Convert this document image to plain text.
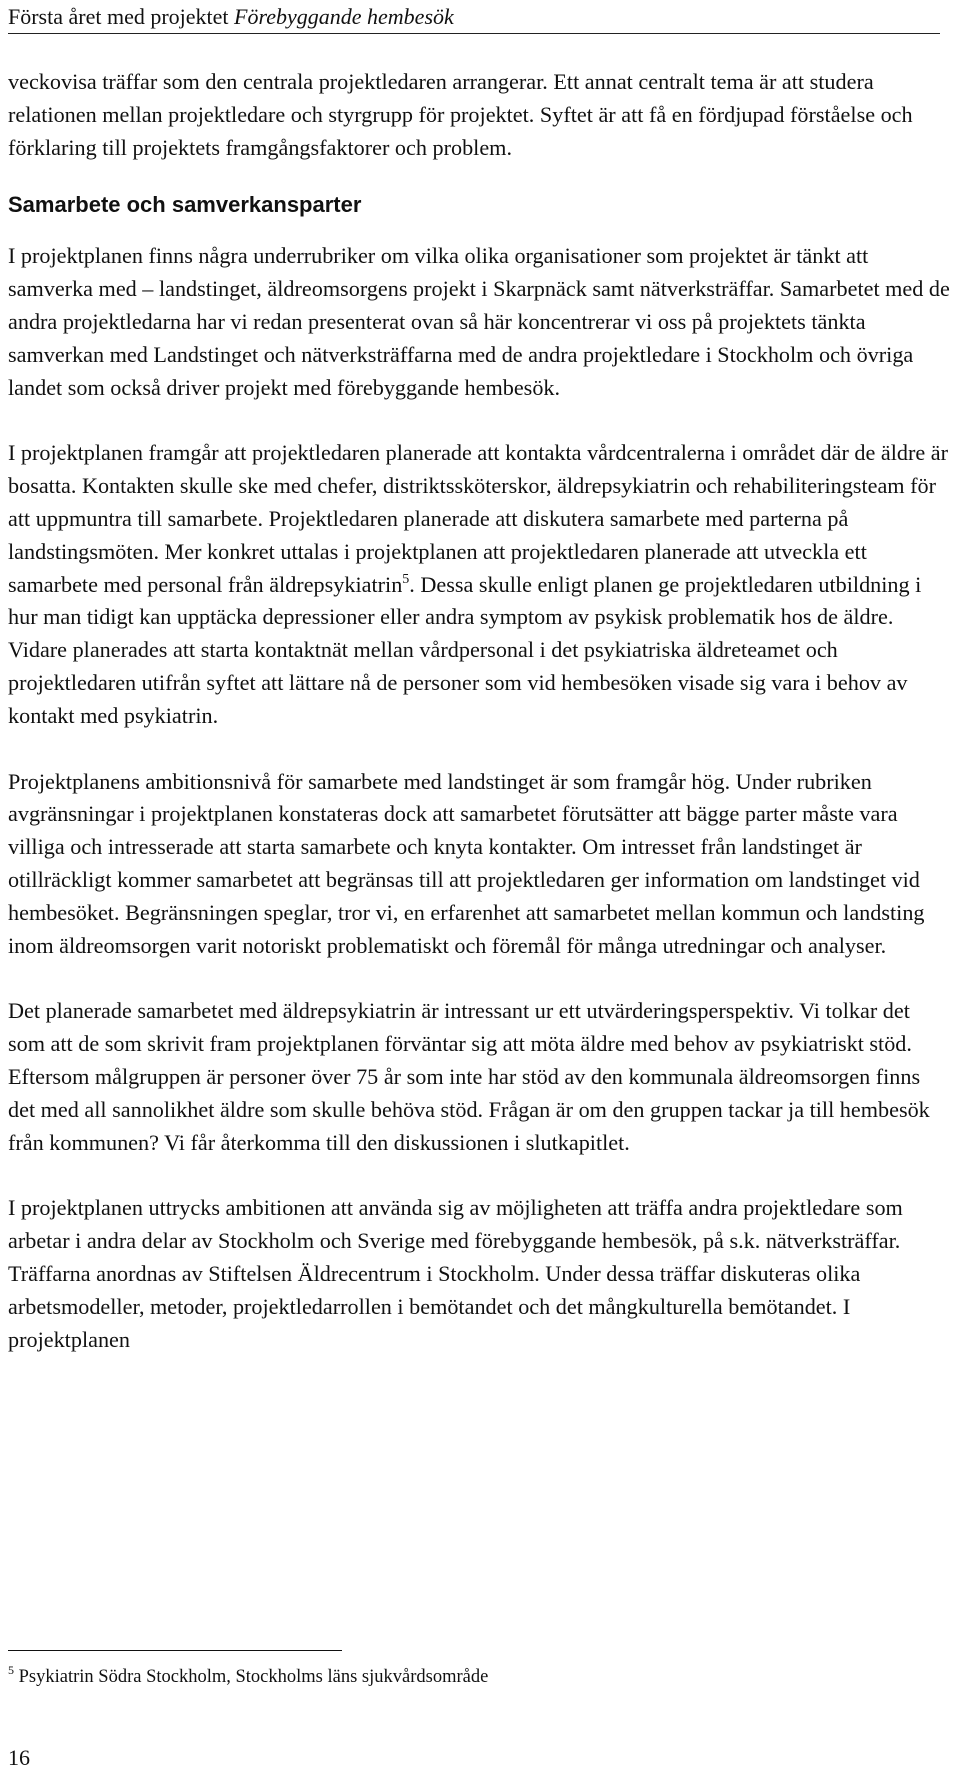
Första året med projektet Förebyggande hembesök

veckovisa träffar som den centrala projektledaren arrangerar. Ett annat centralt tema är att studera relationen mellan projektledare och styrgrupp för projektet. Syftet är att få en fördjupad förståelse och förklaring till projektets framgångsfaktorer och problem.

Samarbete och samverkansparter

I projektplanen finns några underrubriker om vilka olika organisationer som projektet är tänkt att samverka med – landstinget, äldreomsorgens projekt i Skarpnäck samt nätverksträffar. Samarbetet med de andra projektledarna har vi redan presenterat ovan så här koncentrerar vi oss på projektets tänkta samverkan med Landstinget och nätverksträffarna med de andra projektledare i Stockholm och övriga landet som också driver projekt med förebyggande hembesök.

I projektplanen framgår att projektledaren planerade att kontakta vårdcentralerna i området där de äldre är bosatta. Kontakten skulle ske med chefer, distriktssköterskor, äldrepsykiatrin och rehabiliteringsteam för att uppmuntra till samarbete. Projektledaren planerade att diskutera samarbete med parterna på landstingsmöten. Mer konkret uttalas i projektplanen att projektledaren planerade att utveckla ett samarbete med personal från äldrepsykiatrin$^5$. Dessa skulle enligt planen ge projektledaren utbildning i hur man tidigt kan upptäcka depressioner eller andra symptom av psykisk problematik hos de äldre. Vidare planerades att starta kontaktnät mellan vårdpersonal i det psykiatriska äldreteamet och projektledaren utifrån syftet att lättare nå de personer som vid hembesöken visade sig vara i behov av kontakt med psykiatrin.

Projektplanens ambitionsnivå för samarbete med landstinget är som framgår hög. Under rubriken avgränsningar i projektplanen konstateras dock att samarbetet förutsätter att bägge parter måste vara villiga och intresserade att starta samarbete och knyta kontakter. Om intresset från landstinget är otillräckligt kommer samarbetet att begränsas till att projektledaren ger information om landstinget vid hembesöket. Begränsningen speglar, tror vi, en erfarenhet att samarbetet mellan kommun och landsting inom äldreomsorgen varit notoriskt problematiskt och föremål för många utredningar och analyser.

Det planerade samarbetet med äldrepsykiatrin är intressant ur ett utvärderingsperspektiv. Vi tolkar det som att de som skrivit fram projektplanen förväntar sig att möta äldre med behov av psykiatriskt stöd. Eftersom målgruppen är personer över 75 år som inte har stöd av den kommunala äldreomsorgen finns det med all sannolikhet äldre som skulle behöva stöd. Frågan är om den gruppen tackar ja till hembesök från kommunen? Vi får återkomma till den diskussionen i slutkapitlet.

I projektplanen uttrycks ambitionen att använda sig av möjligheten att träffa andra projektledare som arbetar i andra delar av Stockholm och Sverige med förebyggande hembesök, på s.k. nätverksträffar. Träffarna anordnas av Stiftelsen Äldrecentrum i Stockholm. Under dessa träffar diskuteras olika arbetsmodeller, metoder, projektledarrollen i bemötandet och det mångkulturella bemötandet. I projektplanen

$^5$ Psykiatrin Södra Stockholm, Stockholms läns sjukvårdsområde
16
